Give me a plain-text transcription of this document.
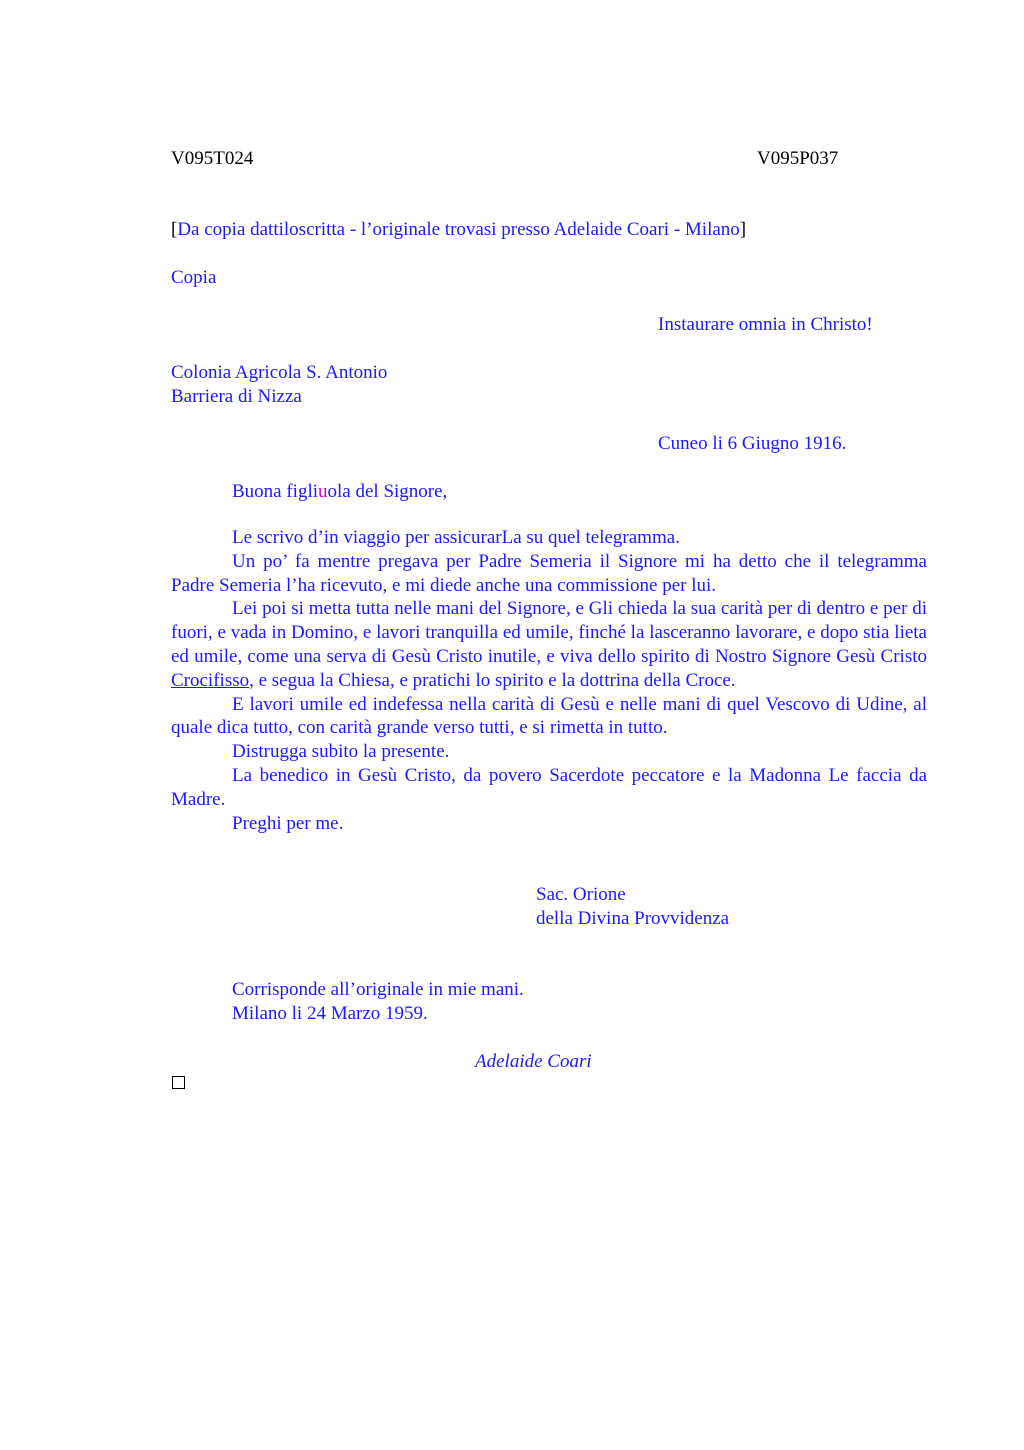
V095T024	V095P037
[Da copia dattiloscritta - l’originale trovasi presso Adelaide Coari - Milano]
Copia
Instaurare omnia in Christo!
Colonia Agricola S. Antonio
Barriera di Nizza
Cuneo li 6 Giugno 1916.
Buona figliuola del Signore,

Le scrivo d’in viaggio per assicurarLa su quel telegramma.

Un po’ fa mentre pregava per Padre Semeria il Signore mi ha detto che il telegramma Padre Semeria l’ha ricevuto, e mi diede anche una commissione per lui.

Lei poi si metta tutta nelle mani del Signore, e Gli chieda la sua carità per di dentro e per di fuori, e vada in Domino, e lavori tranquilla ed umile, finché la lasceranno lavorare, e dopo stia lieta ed umile, come una serva di Gesù Cristo inutile, e viva dello spirito di Nostro Signore Gesù Cristo Crocifisso, e segua la Chiesa, e pratichi lo spirito e la dottrina della Croce.

E lavori umile ed indefessa nella carità di Gesù e nelle mani di quel Vescovo di Udine, al quale dica tutto, con carità grande verso tutti, e si rimetta in tutto.

Distrugga subito la presente.

La benedico in Gesù Cristo, da povero Sacerdote peccatore e la Madonna Le faccia da Madre.

Preghi per me.

Sac. Orione
della Divina Provvidenza
Corrisponde all’originale in mie mani.
Milano li 24 Marzo 1959.
Adelaide Coari
